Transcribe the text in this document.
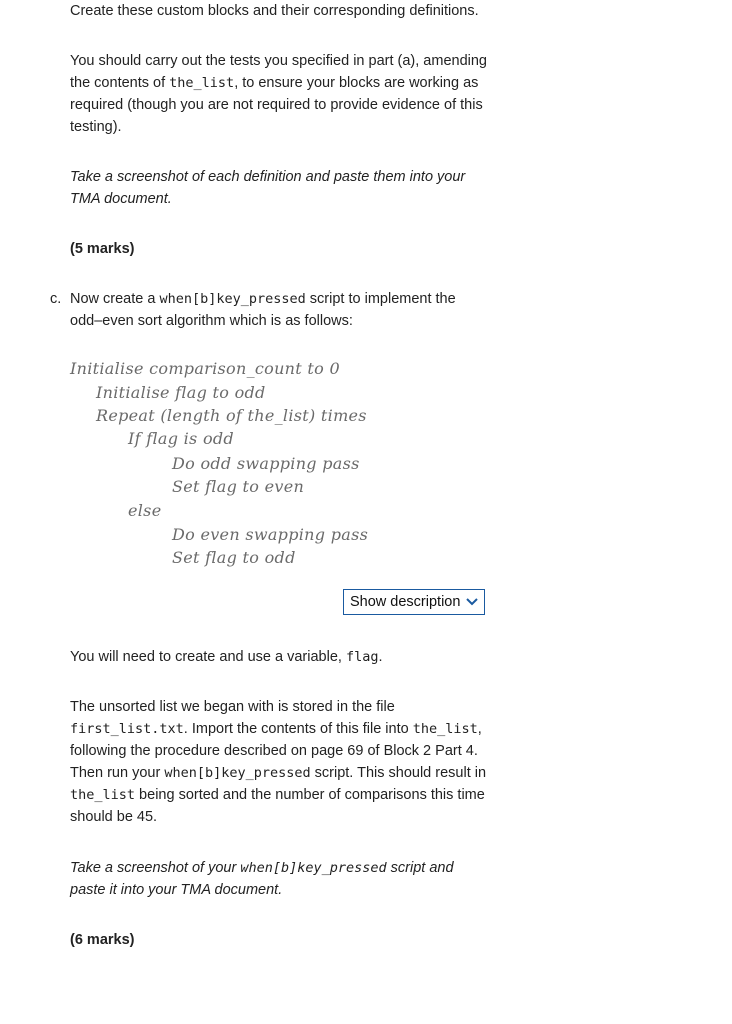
Create these custom blocks and their corresponding definitions.

You should carry out the tests you specified in part (a), amending the contents of the_list, to ensure your blocks are working as required (though you are not required to provide evidence of this testing).

Take a screenshot of each definition and paste them into your TMA document.

(5 marks)

c. Now create a when[b]key_pressed script to implement the odd–even sort algorithm which is as follows:

Initialise comparison_count to 0
Initialise flag to odd
Repeat (length of the_list) times
If flag is odd
Do odd swapping pass
Set flag to even
else
Do even swapping pass
Set flag to odd
Show description

You will need to create and use a variable, flag.

The unsorted list we began with is stored in the file first_list.txt. Import the contents of this file into the_list, following the procedure described on page 69 of Block 2 Part 4. Then run your when[b]key_pressed script. This should result in the_list being sorted and the number of comparisons this time should be 45.

Take a screenshot of your when[b]key_pressed script and paste it into your TMA document.

(6 marks)
